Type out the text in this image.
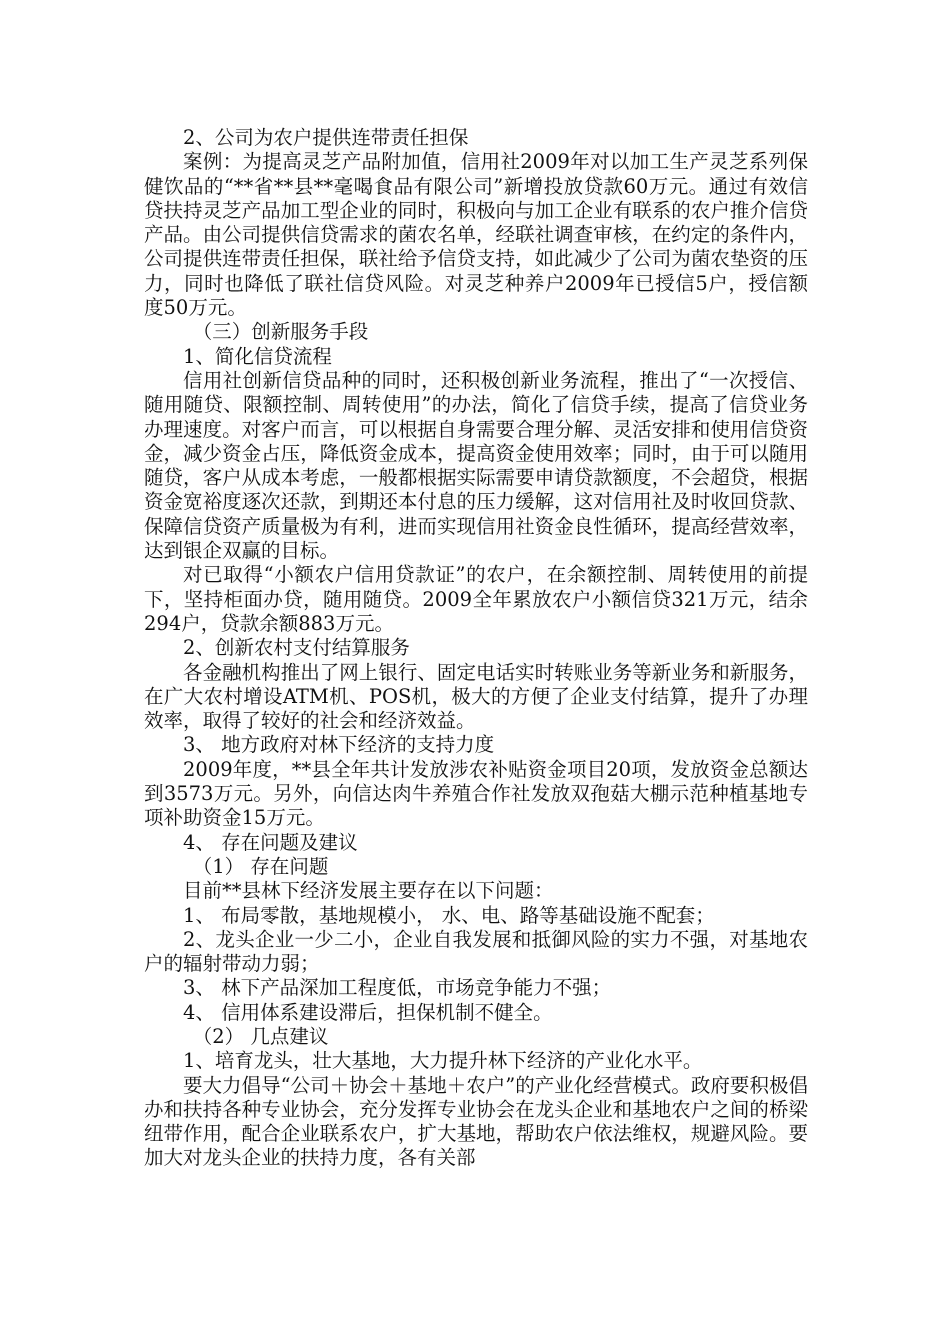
2、公司为农户提供连带责任担保

案例：为提高灵芝产品附加值，信用社2009年对以加工生产灵芝系列保健饮品的“**省**县**毫喝食品有限公司”新增投放贷款60万元。通过有效信贷扶持灵芝产品加工型企业的同时，积极向与加工企业有联系的农户推介信贷产品。由公司提供信贷需求的菌农名单，经联社调查审核，在约定的条件内，公司提供连带责任担保，联社给予信贷支持，如此减少了公司为菌农垫资的压力，同时也降低了联社信贷风险。对灵芝种养户2009年已授信5户，授信额度50万元。

（三）创新服务手段

1、简化信贷流程

信用社创新信贷品种的同时，还积极创新业务流程，推出了“一次授信、随用随贷、限额控制、周转使用”的办法，简化了信贷手续，提高了信贷业务办理速度。对客户而言，可以根据自身需要合理分解、灵活安排和使用信贷资金，减少资金占压，降低资金成本，提高资金使用效率；同时，由于可以随用随贷，客户从成本考虑，一般都根据实际需要申请贷款额度，不会超贷，根据资金宽裕度逐次还款，到期还本付息的压力缓解，这对信用社及时收回贷款、保障信贷资产质量极为有利，进而实现信用社资金良性循环，提高经营效率，达到银企双赢的目标。

对已取得“小额农户信用贷款证”的农户，在余额控制、周转使用的前提下，坚持柜面办贷，随用随贷。2009全年累放农户小额信贷321万元，结余294户，贷款余额883万元。

2、创新农村支付结算服务

各金融机构推出了网上银行、固定电话实时转账业务等新业务和新服务，在广大农村增设ATM机、POS机，极大的方便了企业支付结算，提升了办理效率，取得了较好的社会和经济效益。

3、 地方政府对林下经济的支持力度

2009年度，**县全年共计发放涉农补贴资金项目20项，发放资金总额达到3573万元。另外，向信达肉牛养殖合作社发放双孢菇大棚示范种植基地专项补助资金15万元。

4、 存在问题及建议

（1） 存在问题

目前**县林下经济发展主要存在以下问题：

1、 布局零散，基地规模小， 水、电、路等基础设施不配套；

2、龙头企业一少二小，企业自我发展和抵御风险的实力不强，对基地农户的辐射带动力弱；

3、 林下产品深加工程度低，市场竞争能力不强；

4、 信用体系建设滞后，担保机制不健全。

（2） 几点建议

1、培育龙头，壮大基地，大力提升林下经济的产业化水平。

要大力倡导“公司＋协会＋基地＋农户”的产业化经营模式。政府要积极倡办和扶持各种专业协会，充分发挥专业协会在龙头企业和基地农户之间的桥梁纽带作用，配合企业联系农户，扩大基地，帮助农户依法维权，规避风险。要加大对龙头企业的扶持力度，各有关部
